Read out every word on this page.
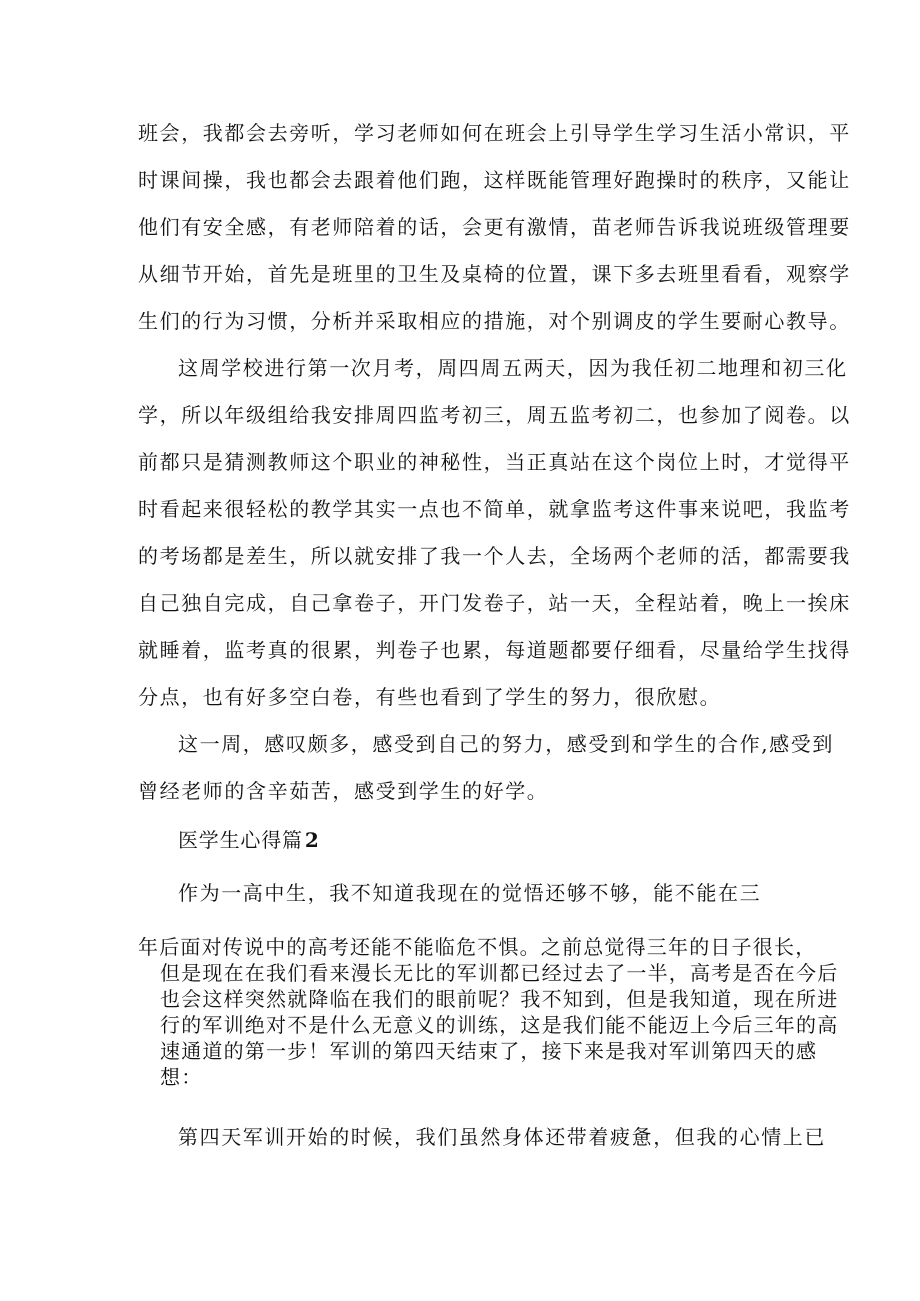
班会，我都会去旁听，学习老师如何在班会上引导学生学习生活小常识，平
时课间操，我也都会去跟着他们跑，这样既能管理好跑操时的秩序，又能让
他们有安全感，有老师陪着的话，会更有激情，苗老师告诉我说班级管理要
从细节开始，首先是班里的卫生及桌椅的位置，课下多去班里看看，观察学
生们的行为习惯，分析并采取相应的措施，对个别调皮的学生要耐心教导。
这周学校进行第一次月考，周四周五两天，因为我任初二地理和初三化
学，所以年级组给我安排周四监考初三，周五监考初二，也参加了阅卷。以
前都只是猜测教师这个职业的神秘性，当正真站在这个岗位上时，才觉得平
时看起来很轻松的教学其实一点也不简单，就拿监考这件事来说吧，我监考
的考场都是差生，所以就安排了我一个人去，全场两个老师的活，都需要我
自己独自完成，自己拿卷子，开门发卷子，站一天，全程站着，晚上一挨床
就睡着，监考真的很累，判卷子也累，每道题都要仔细看，尽量给学生找得
分点，也有好多空白卷，有些也看到了学生的努力，很欣慰。
这一周，感叹颇多，感受到自己的努力，感受到和学生的合作,感受到
曾经老师的含辛茹苦，感受到学生的好学。
医学生心得篇 2
作为一高中生，我不知道我现在的觉悟还够不够，能不能在三
年后面对传说中的高考还能不能临危不惧。之前总觉得三年的日子很长，
但是现在在我们看来漫长无比的军训都已经过去了一半，高考是否在今后
也会这样突然就降临在我们的眼前呢？我不知到，但是我知道，现在所进
行的军训绝对不是什么无意义的训练，这是我们能不能迈上今后三年的高
速通道的第一步！军训的第四天结束了，接下来是我对军训第四天的感
想：
第四天军训开始的时候，我们虽然身体还带着疲惫，但我的心情上已
